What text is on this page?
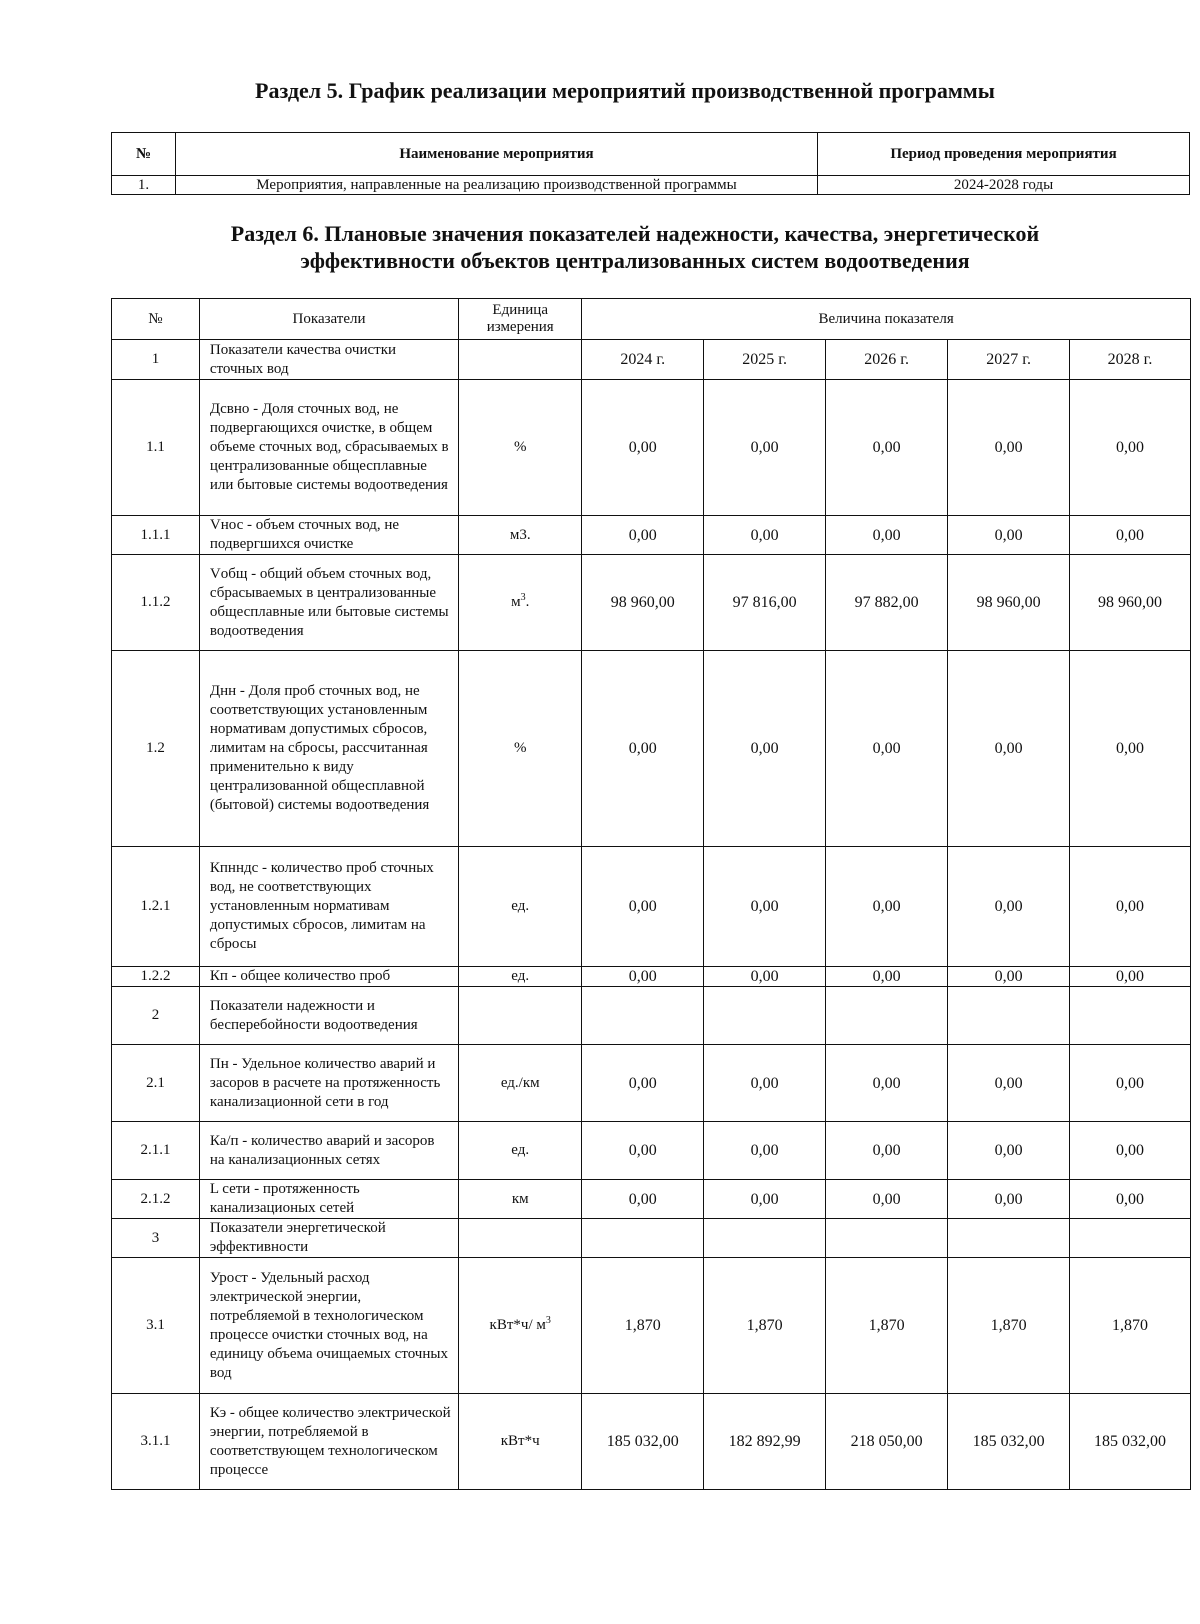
Раздел 5. График реализации мероприятий производственной программы
№	Наименование мероприятия	Период проведения мероприятия
1.	Мероприятия, направленные на реализацию производственной программы	2024-2028 годы
Раздел 6. Плановые значения показателей надежности, качества, энергетической
эффективности объектов централизованных систем водоотведения
№	Показатели	Единица измерения	Величина показателя				
1	Показатели качества очистки сточных вод		2024 г.	2025 г.	2026 г.	2027 г.	2028 г.
1.1	Дсвно - Доля сточных вод, не подвергающихся очистке, в общем объеме сточных вод, сбрасываемых в централизованные общесплавные или бытовые системы водоотведения	%	0,00	0,00	0,00	0,00	0,00
1.1.1	Vнос - объем сточных вод, не подвергшихся очистке	м3.	0,00	0,00	0,00	0,00	0,00
1.1.2	Vобщ - общий объем сточных вод, сбрасываемых в централизованные общесплавные или бытовые системы водоотведения	$м^3$.	98 960,00	97 816,00	97 882,00	98 960,00	98 960,00
1.2	Днн - Доля проб сточных вод, не соответствующих установленным нормативам допустимых сбросов, лимитам на сбросы, рассчитанная применительно к виду централизованной общесплавной (бытовой) системы водоотведения	%	0,00	0,00	0,00	0,00	0,00
1.2.1	Кпнндс - количество проб сточных вод, не соответствующих установленным нормативам допустимых сбросов, лимитам на сбросы	ед.	0,00	0,00	0,00	0,00	0,00
1.2.2	Кп - общее количество проб	ед.	0,00	0,00	0,00	0,00	0,00
2	Показатели надежности и бесперебойности водоотведения						
2.1	Пн - Удельное количество аварий и засоров в расчете на протяженность канализационной сети в год	ед./км	0,00	0,00	0,00	0,00	0,00
2.1.1	Ка/п - количество аварий и засоров на канализационных сетях	ед.	0,00	0,00	0,00	0,00	0,00
2.1.2	L сети - протяженность канализационых сетей	км	0,00	0,00	0,00	0,00	0,00
3	Показатели энергетической эффективности						
3.1	Урост - Удельный расход электрической энергии, потребляемой в технологическом процессе очистки сточных вод, на единицу объема очищаемых сточных вод	кВт*ч/ $м^3$	1,870	1,870	1,870	1,870	1,870
3.1.1	Кэ - общее количество электрической энергии, потребляемой в соответствующем технологическом процессе	кВт*ч	185 032,00	182 892,99	218 050,00	185 032,00	185 032,00
